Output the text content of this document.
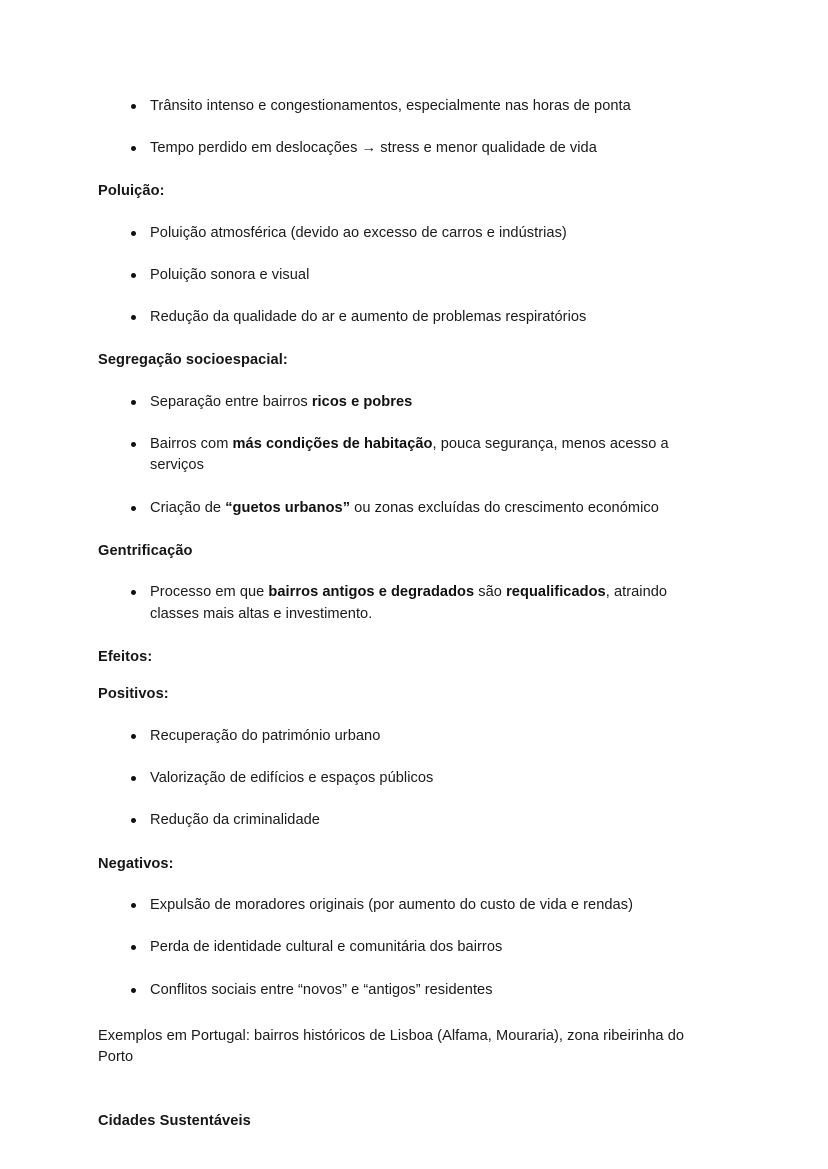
Trânsito intenso e congestionamentos, especialmente nas horas de ponta
Tempo perdido em deslocações → stress e menor qualidade de vida

Poluição:

Poluição atmosférica (devido ao excesso de carros e indústrias)
Poluição sonora e visual
Redução da qualidade do ar e aumento de problemas respiratórios

Segregação socioespacial:

Separação entre bairros ricos e pobres
Bairros com más condições de habitação, pouca segurança, menos acesso a serviços
Criação de “guetos urbanos” ou zonas excluídas do crescimento económico

Gentrificação

Processo em que bairros antigos e degradados são requalificados, atraindo classes mais altas e investimento.

Efeitos:

Positivos:

Recuperação do património urbano
Valorização de edifícios e espaços públicos
Redução da criminalidade

Negativos:

Expulsão de moradores originais (por aumento do custo de vida e rendas)
Perda de identidade cultural e comunitária dos bairros
Conflitos sociais entre “novos” e “antigos” residentes

Exemplos em Portugal: bairros históricos de Lisboa (Alfama, Mouraria), zona ribeirinha do Porto

Cidades Sustentáveis
